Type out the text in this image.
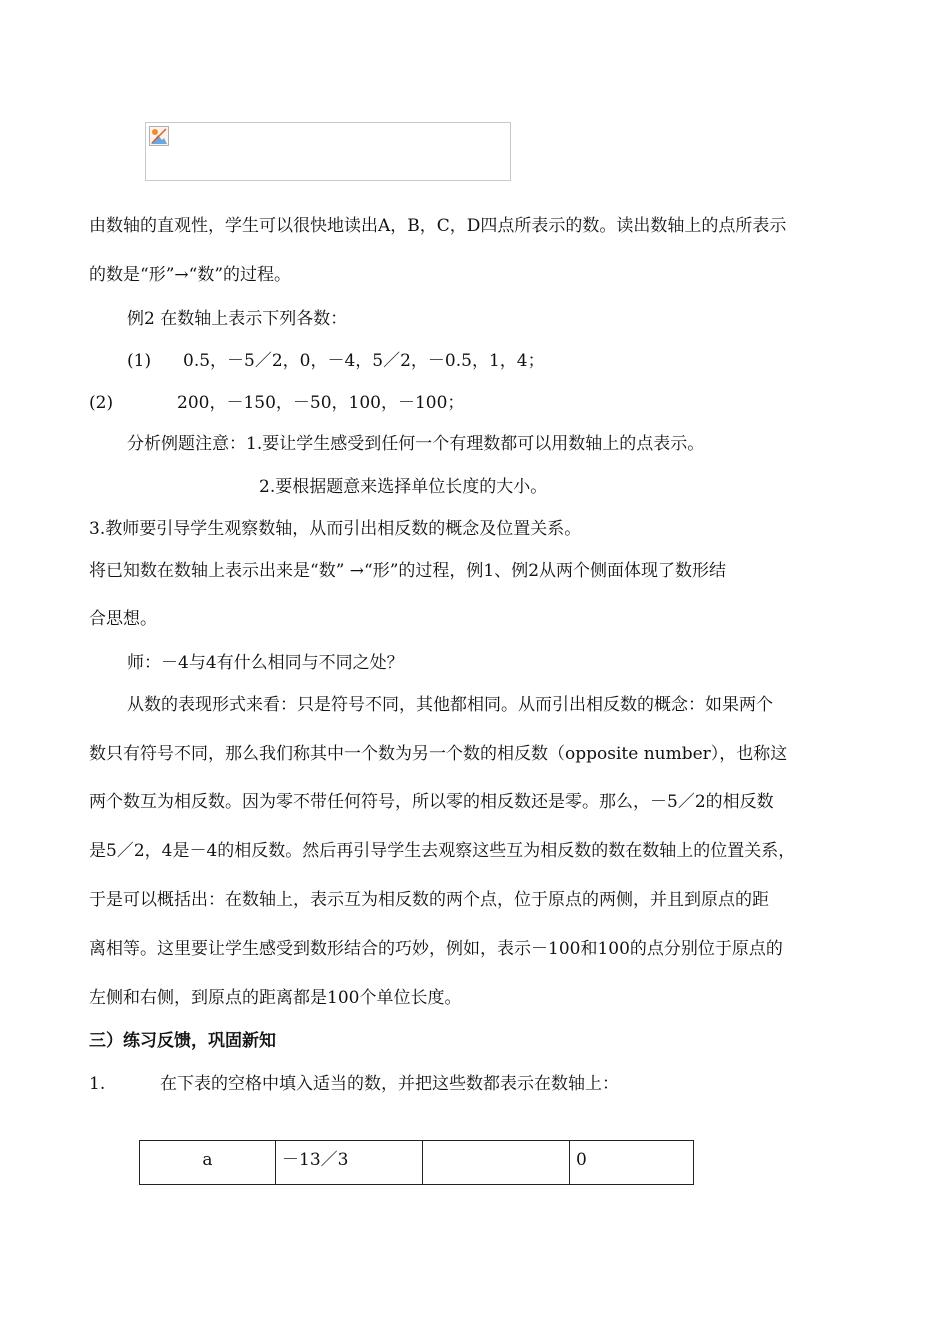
由数轴的直观性，学生可以很快地读出A，B，C，D四点所表示的数。读出数轴上的点所表示
的数是“形”→“数”的过程。
例2 在数轴上表示下列各数：
(1) 0.5，－5／2，0，－4，5／2，－0.5，1，4；
(2)	200，－150，－50，100，－100；
分析例题注意：1.要让学生感受到任何一个有理数都可以用数轴上的点表示。
2.要根据题意来选择单位长度的大小。
3.教师要引导学生观察数轴，从而引出相反数的概念及位置关系。
将已知数在数轴上表示出来是“数” →“形”的过程，例1、例2从两个侧面体现了数形结
合思想。
师：－4与4有什么相同与不同之处？
从数的表现形式来看：只是符号不同，其他都相同。从而引出相反数的概念：如果两个
数只有符号不同，那么我们称其中一个数为另一个数的相反数（opposite number），也称这
两个数互为相反数。因为零不带任何符号，所以零的相反数还是零。那么，－5／2的相反数
是5／2，4是－4的相反数。然后再引导学生去观察这些互为相反数的数在数轴上的位置关系，
于是可以概括出：在数轴上，表示互为相反数的两个点，位于原点的两侧，并且到原点的距
离相等。这里要让学生感受到数形结合的巧妙，例如，表示－100和100的点分别位于原点的
左侧和右侧，到原点的距离都是100个单位长度。
三）练习反馈，巩固新知
1.	在下表的空格中填入适当的数，并把这些数都表示在数轴上：
a	－13／3		0
